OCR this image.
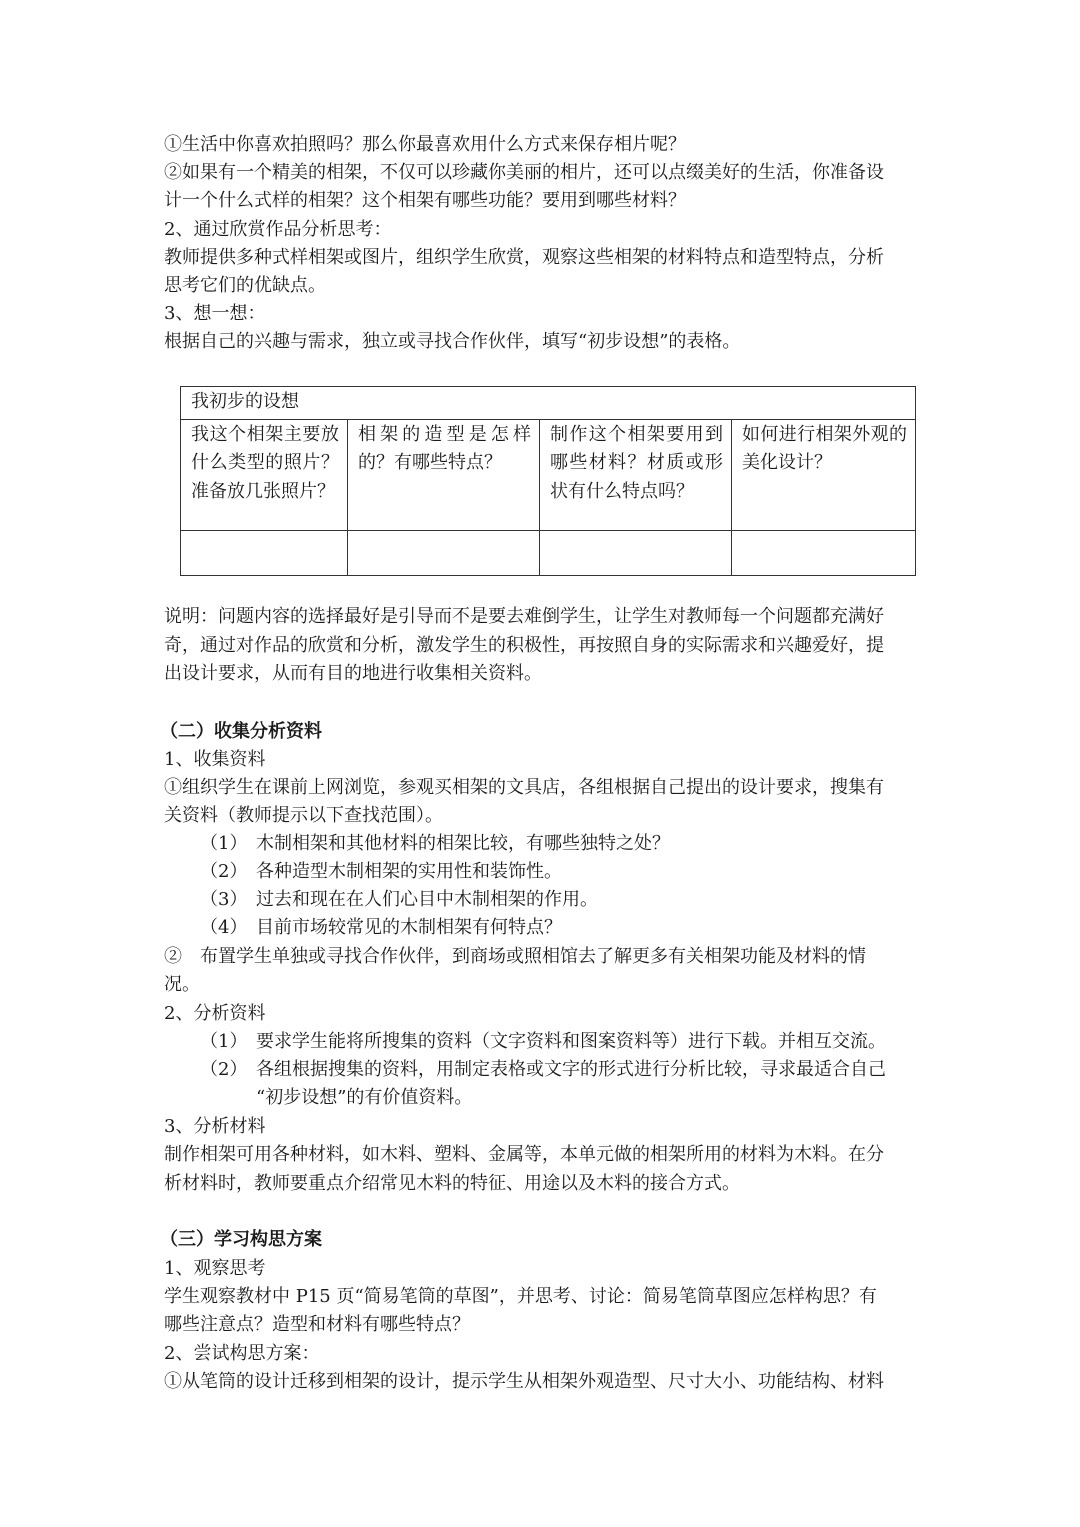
①生活中你喜欢拍照吗？那么你最喜欢用什么方式来保存相片呢？
②如果有一个精美的相架，不仅可以珍藏你美丽的相片，还可以点缀美好的生活，你准备设
计一个什么式样的相架？这个相架有哪些功能？要用到哪些材料？
2、通过欣赏作品分析思考：
教师提供多种式样相架或图片，组织学生欣赏，观察这些相架的材料特点和造型特点，分析
思考它们的优缺点。
3、想一想：
根据自己的兴趣与需求，独立或寻找合作伙伴，填写“初步设想”的表格。
我初步的设想			
我这个相架主要放什么类型的照片？准备放几张照片？	相架的造型是怎样的？有哪些特点？	制作这个相架要用到哪些材料？材质或形状有什么特点吗？	如何进行相架外观的美化设计？

说明：问题内容的选择最好是引导而不是要去难倒学生，让学生对教师每一个问题都充满好
奇，通过对作品的欣赏和分析，激发学生的积极性，再按照自身的实际需求和兴趣爱好，提
出设计要求，从而有目的地进行收集相关资料。
（二）收集分析资料
1、收集资料
①组织学生在课前上网浏览，参观买相架的文具店，各组根据自己提出的设计要求，搜集有
关资料（教师提示以下查找范围）。
（1） 木制相架和其他材料的相架比较，有哪些独特之处？
（2） 各种造型木制相架的实用性和装饰性。
（3） 过去和现在在人们心目中木制相架的作用。
（4） 目前市场较常见的木制相架有何特点？
②　布置学生单独或寻找合作伙伴，到商场或照相馆去了解更多有关相架功能及材料的情
况。
2、分析资料
（1） 要求学生能将所搜集的资料（文字资料和图案资料等）进行下载。并相互交流。
（2） 各组根据搜集的资料，用制定表格或文字的形式进行分析比较，寻求最适合自己
“初步设想”的有价值资料。
3、分析材料
制作相架可用各种材料，如木料、塑料、金属等，本单元做的相架所用的材料为木料。在分
析材料时，教师要重点介绍常见木料的特征、用途以及木料的接合方式。
（三）学习构思方案
1、观察思考
学生观察教材中 P15 页“简易笔筒的草图”，并思考、讨论：简易笔筒草图应怎样构思？有
哪些注意点？造型和材料有哪些特点？
2、尝试构思方案：
①从笔筒的设计迁移到相架的设计，提示学生从相架外观造型、尺寸大小、功能结构、材料
